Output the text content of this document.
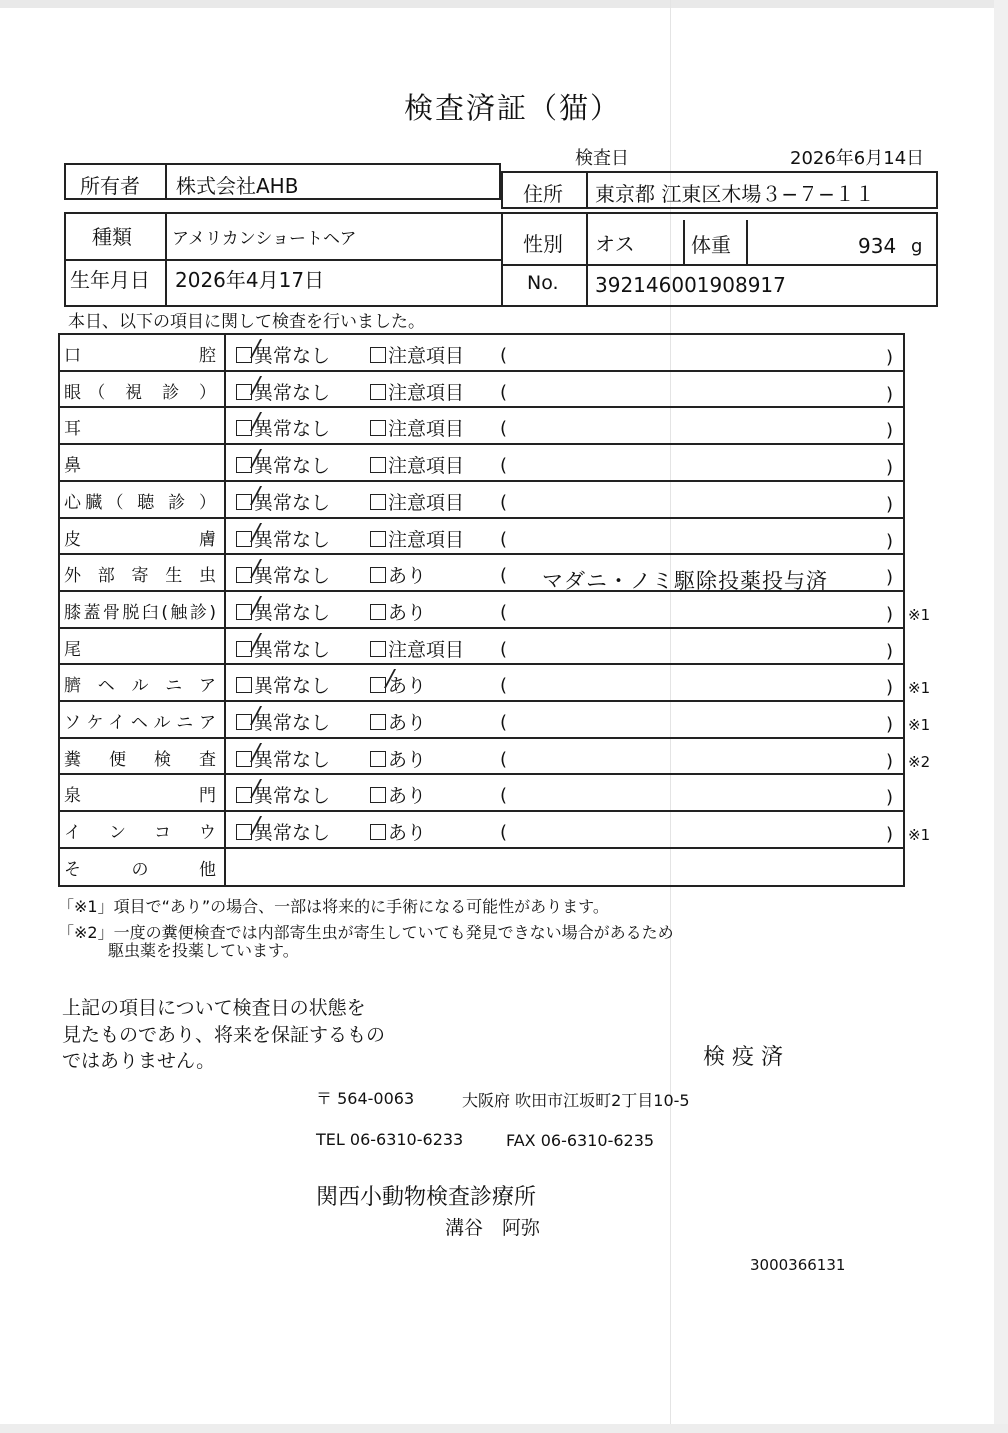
検査済証（猫）
検査日	2026年6月14日
所有者 株式会社AHB	住所 東京都 江東区木場３−７−１１
種類 アメリカンショートヘア	性別 オス	体重	934 g
生年月日 2026年4月17日	No. 392146001908917
本日、以下の項目に関して検査を行いました。
口　　　　　腔	異常なし	注意項目 (	)
眼（ 視 診 ）	異常なし	注意項目 (	)
耳	異常なし	注意項目 (	)
鼻	異常なし	注意項目 (	)
心臓（ 聴 診 ）	異常なし	注意項目 (	)
皮　　　　　膚	異常なし	注意項目 (	)
外 部 寄 生 虫	異常なし	あり	(	)
マダニ・ノミ駆除投薬投与済
膝蓋骨脱臼(触診)	異常なし	あり	(	) ※1
尾	異常なし	注意項目 (	)
臍 ヘ ル ニ ア	異常なし	あり	(	) ※1
ソケイヘルニア	異常なし	あり	(	) ※1
糞　便　検　査	異常なし	あり	(	) ※2
泉　　　　　門	異常なし	あり	(	)
イ　ン　コ　ウ	異常なし	あり	(	) ※1
そ　の　他
「※1」項目で“あり”の場合、一部は将来的に手術になる可能性があります。
「※2」一度の糞便検査では内部寄生虫が寄生していても発見できない場合があるため
駆虫薬を投薬しています。
上記の項目について検査日の状態を
見たものであり、将来を保証するもの
ではありません。	検 疫 済
〒 564-0063	大阪府 吹田市江坂町2丁目10-5
TEL 06-6310-6233	FAX 06-6310-6235
関西小動物検査診療所
溝谷　阿弥
3000366131
